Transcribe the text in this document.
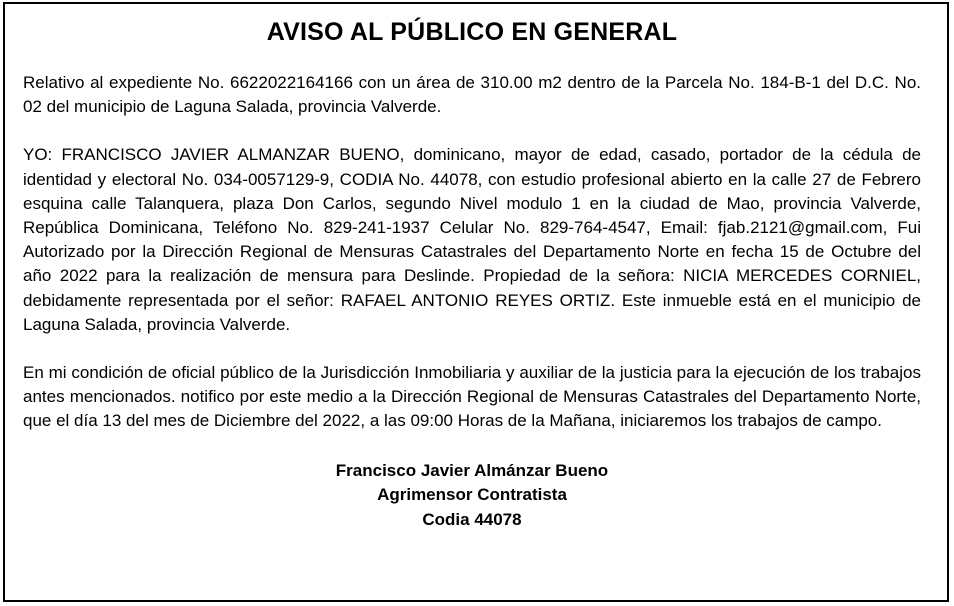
AVISO AL PÚBLICO EN GENERAL

Relativo al expediente No. 6622022164166 con un área de 310.00 m2 dentro de la Parcela No. 184-B-1 del D.C. No. 02 del municipio de Laguna Salada, provincia Valverde.

YO: FRANCISCO JAVIER ALMANZAR BUENO, dominicano, mayor de edad, casado, portador de la cédula de identidad y electoral No. 034-0057129-9, CODIA No. 44078, con estudio profesional abierto en la calle 27 de Febrero esquina calle Talanquera, plaza Don Carlos, segundo Nivel modulo 1 en la ciudad de Mao, provincia Valverde, República Dominicana, Teléfono No. 829-241-1937 Celular No. 829-764-4547, Email: fjab.2121@gmail.com, Fui Autorizado por la Dirección Regional de Mensuras Catastrales del Departamento Norte en fecha 15 de Octubre del año 2022 para la realización de mensura para Deslinde. Propiedad de la señora: NICIA MERCEDES CORNIEL, debidamente representada por el señor: RAFAEL ANTONIO REYES ORTIZ. Este inmueble está en el municipio de Laguna Salada, provincia Valverde.

En mi condición de oficial público de la Jurisdicción Inmobiliaria y auxiliar de la justicia para la ejecución de los trabajos antes mencionados. notifico por este medio a la Dirección Regional de Mensuras Catastrales del Departamento Norte, que el día 13 del mes de Diciembre del 2022, a las 09:00 Horas de la Mañana, iniciaremos los trabajos de campo.

Francisco Javier Almánzar Bueno
Agrimensor Contratista
Codia 44078
